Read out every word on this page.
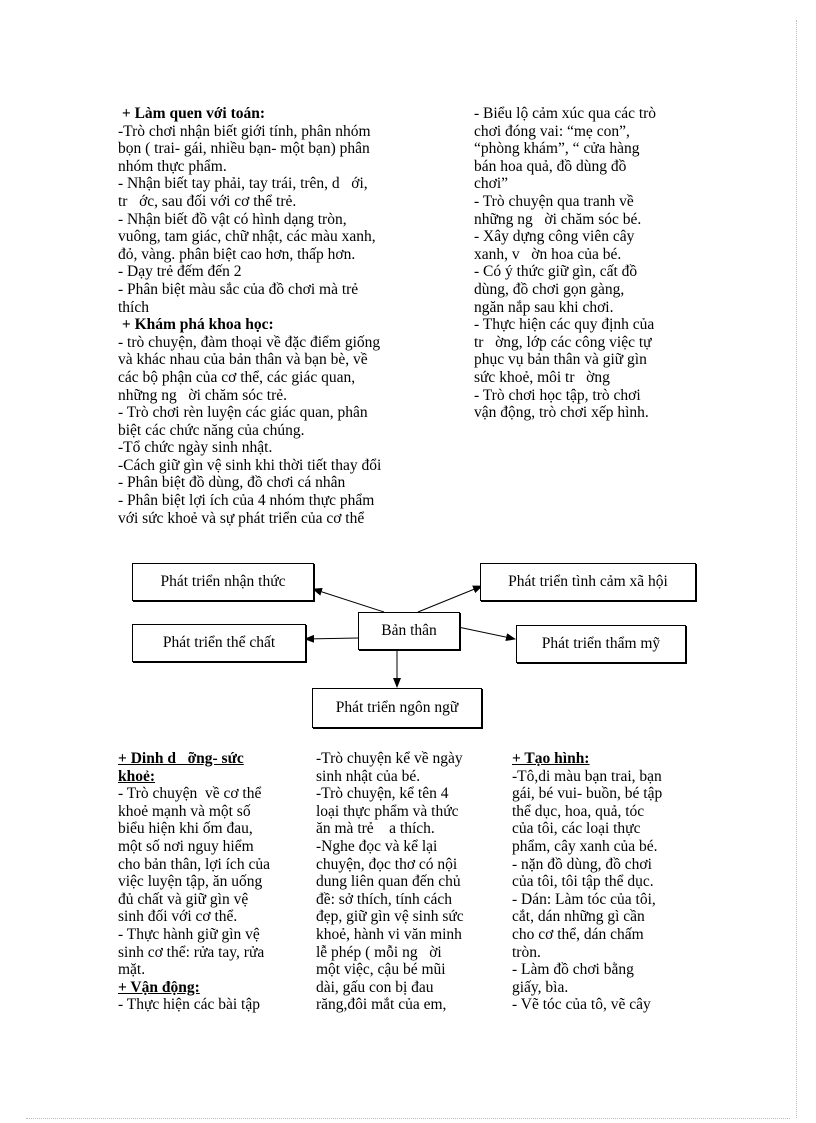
+ Làm quen với toán:

-Trò chơi nhận biết giới tính, phân nhóm

bọn ( trai- gái, nhiều bạn- một bạn) phân

nhóm thực phẩm.

- Nhận biết tay phải, tay trái, trên, d   ới,

tr   ớc, sau đối với cơ thể trẻ.

- Nhận biết đồ vật có hình dạng tròn,

vuông, tam giác, chữ nhật, các màu xanh,

đỏ, vàng. phân biệt cao hơn, thấp hơn.

- Dạy trẻ đếm đến 2

- Phân biệt màu sắc của đồ chơi mà trẻ

thích

+ Khám phá khoa học:

- trò chuyện, đàm thoại về đặc điểm giống

và khác nhau của bản thân và bạn bè, về

các bộ phận của cơ thể, các giác quan,

những ng   ời chăm sóc trẻ.

- Trò chơi rèn luyện các giác quan, phân

biệt các chức năng của chúng.

-Tổ chức ngày sinh nhật.

-Cách giữ gìn vệ sinh khi thời tiết thay đổi

- Phân biệt đồ dùng, đồ chơi cá nhân

- Phân biệt lợi ích của 4 nhóm thực phẩm

với sức khoẻ và sự phát triển của cơ thể

- Biểu lộ cảm xúc qua các trò

chơi đóng vai: “mẹ con”,

“phòng khám”, “ cửa hàng

bán hoa quả, đồ dùng đồ

chơi”

- Trò chuyện qua tranh về

những ng   ời chăm sóc bé.

- Xây dựng công viên cây

xanh, v   ờn hoa của bé.

- Có ý thức giữ gìn, cất đồ

dùng, đồ chơi gọn gàng,

ngăn nắp sau khi chơi.

- Thực hiện các quy định của

tr   ờng, lớp các công việc tự

phục vụ bản thân và giữ gìn

sức khoẻ, môi tr   ờng

- Trò chơi học tập, trò chơi

vận động, trò chơi xếp hình.

Phát triển nhận thức	Phát triển tình cảm xã hội
Bản thân
Phát triển thể chất	Phát triển thẩm mỹ
Phát triển ngôn ngữ

+ Dinh d   ỡng- sức

khoẻ:

- Trò chuyện  về cơ thể

khoẻ mạnh và một số

biểu hiện khi ốm đau,

một số nơi nguy hiểm

cho bản thân, lợi ích của

việc luyện tập, ăn uống

đủ chất và giữ gìn vệ

sinh đối với cơ thể.

- Thực hành giữ gìn vệ

sinh cơ thể: rửa tay, rửa

mặt.

+ Vận động:

- Thực hiện các bài tập

-Trò chuyện kể về ngày

sinh nhật của bé.

-Trò chuyện, kể tên 4

loại thực phẩm và thức

ăn mà trẻ    a thích.

-Nghe đọc và kể lại

chuyện, đọc thơ có nội

dung liên quan đến chủ

đề: sở thích, tính cách

đẹp, giữ gìn vệ sinh sức

khoẻ, hành vi văn minh

lễ phép ( mỗi ng   ời

một việc, cậu bé mũi

dài, gấu con bị đau

răng,đôi mắt của em,

+ Tạo hình:

-Tô,di màu bạn trai, bạn

gái, bé vui- buồn, bé tập

thể dục, hoa, quả, tóc

của tôi, các loại thực

phẩm, cây xanh của bé.

- nặn đồ dùng, đồ chơi

của tôi, tôi tập thể dục.

- Dán: Làm tóc của tôi,

cắt, dán những gì cần

cho cơ thể, dán chấm

tròn.

- Làm đồ chơi bằng

giấy, bìa.

- Vẽ tóc của tô, vẽ cây
